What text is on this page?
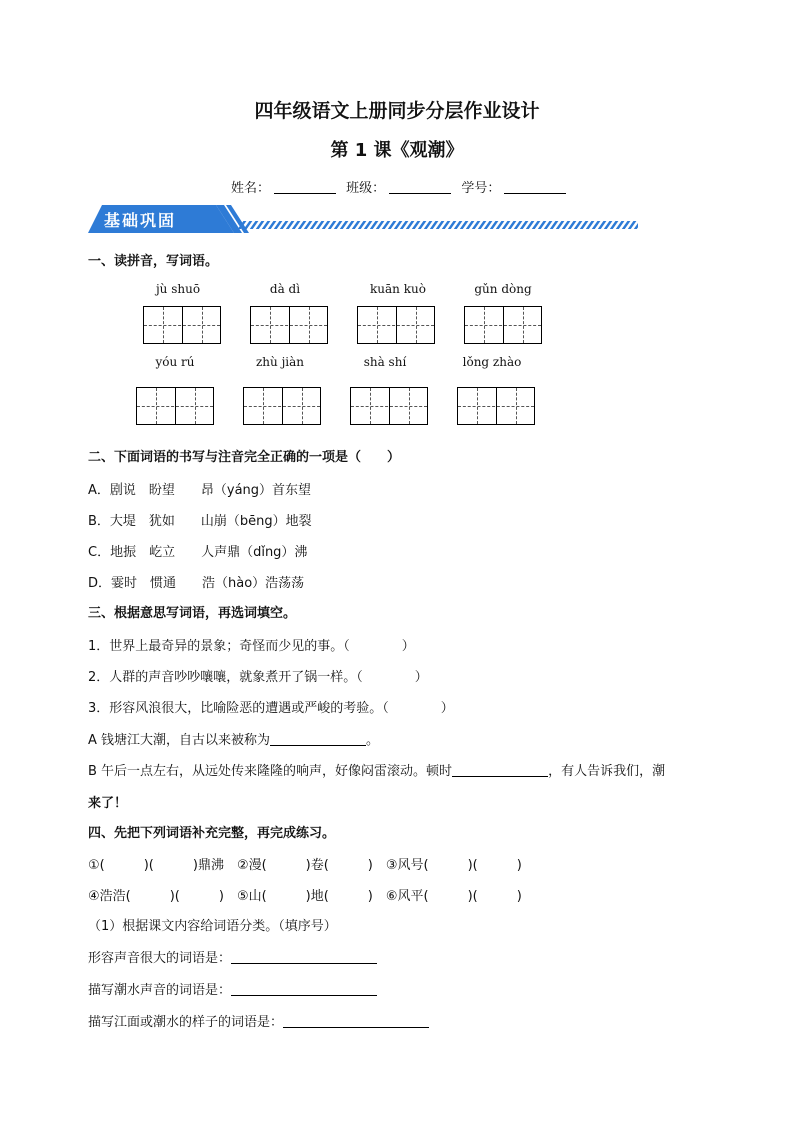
四年级语文上册同步分层作业设计
第 1 课《观潮》
姓名：	班级：	学号：
基础巩固
一、读拼音，写词语。
jù shuō	dà dì	kuān kuò	gǔn dòng
yóu rú	zhù jiàn	shà shí	lǒng zhào
二、下面词语的书写与注音完全正确的一项是（　　）
A．剧说　盼望　　昂（yáng）首东望
B．大堤　犹如　　山崩（bēng）地裂
C．地振　屹立　　人声鼎（dǐng）沸
D．霎时　惯通　　浩（hào）浩荡荡
三、根据意思写词语，再选词填空。
1．世界上最奇异的景象；奇怪而少见的事。（　　　　）
2．人群的声音吵吵嚷嚷，就象煮开了锅一样。（　　　　）
3．形容风浪很大，比喻险恶的遭遇或严峻的考验。（　　　　）
A 钱塘江大潮，自古以来被称为	。
B 午后一点左右，从远处传来隆隆的响声，好像闷雷滚动。顿时	，有人告诉我们，潮
来了！
四、先把下列词语补充完整，再完成练习。
①(　　　)(　　　)鼎沸　②漫(　　　)卷(　　　)　③风号(　　　)(　　　)
④浩浩(　　　)(　　　)　⑤山(　　　)地(　　　)　⑥风平(　　　)(　　　)
（1）根据课文内容给词语分类。（填序号）
形容声音很大的词语是：
描写潮水声音的词语是：
描写江面或潮水的样子的词语是：
